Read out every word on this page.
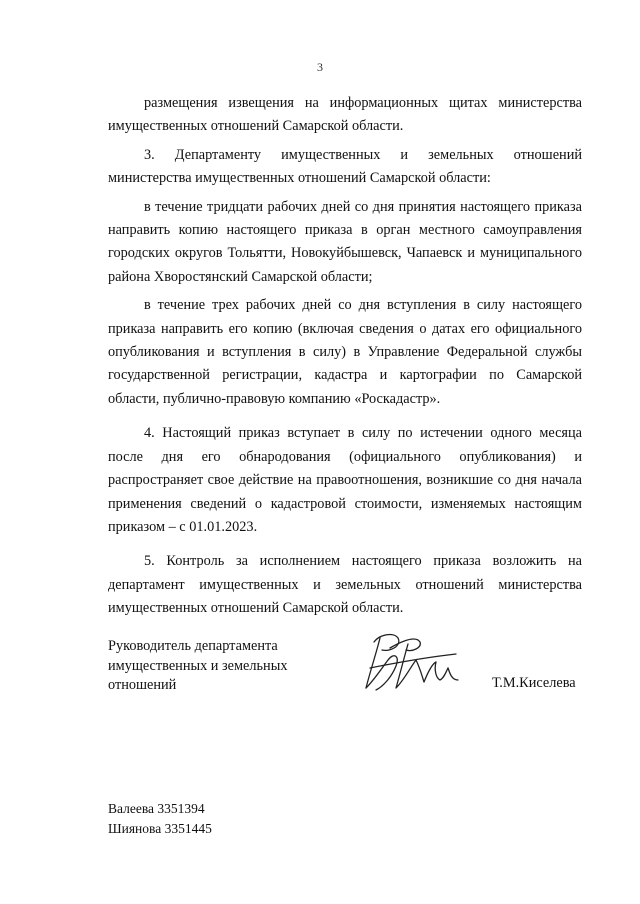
3

размещения извещения на информационных щитах министерства имущественных отношений Самарской области.

3. Департаменту имущественных и земельных отношений министерства имущественных отношений Самарской области:

в течение тридцати рабочих дней со дня принятия настоящего приказа направить копию настоящего приказа в орган местного самоуправления городских округов Тольятти, Новокуйбышевск, Чапаевск и муниципального района Хворостянский Самарской области;

в течение трех рабочих дней со дня вступления в силу настоящего приказа направить его копию (включая сведения о датах его официального опубликования и вступления в силу) в Управление Федеральной службы государственной регистрации, кадастра и картографии по Самарской области, публично-правовую компанию «Роскадастр».

4. Настоящий приказ вступает в силу по истечении одного месяца после дня его обнародования (официального опубликования) и распространяет свое действие на правоотношения, возникшие со дня начала применения сведений о кадастровой стоимости, изменяемых настоящим приказом – с 01.01.2023.

5. Контроль за исполнением настоящего приказа возложить на департамент имущественных и земельных отношений министерства имущественных отношений Самарской области.

Руководитель департамента
имущественных и земельных
отношений	Т.М.Киселева
Валеева 3351394
Шиянова 3351445
